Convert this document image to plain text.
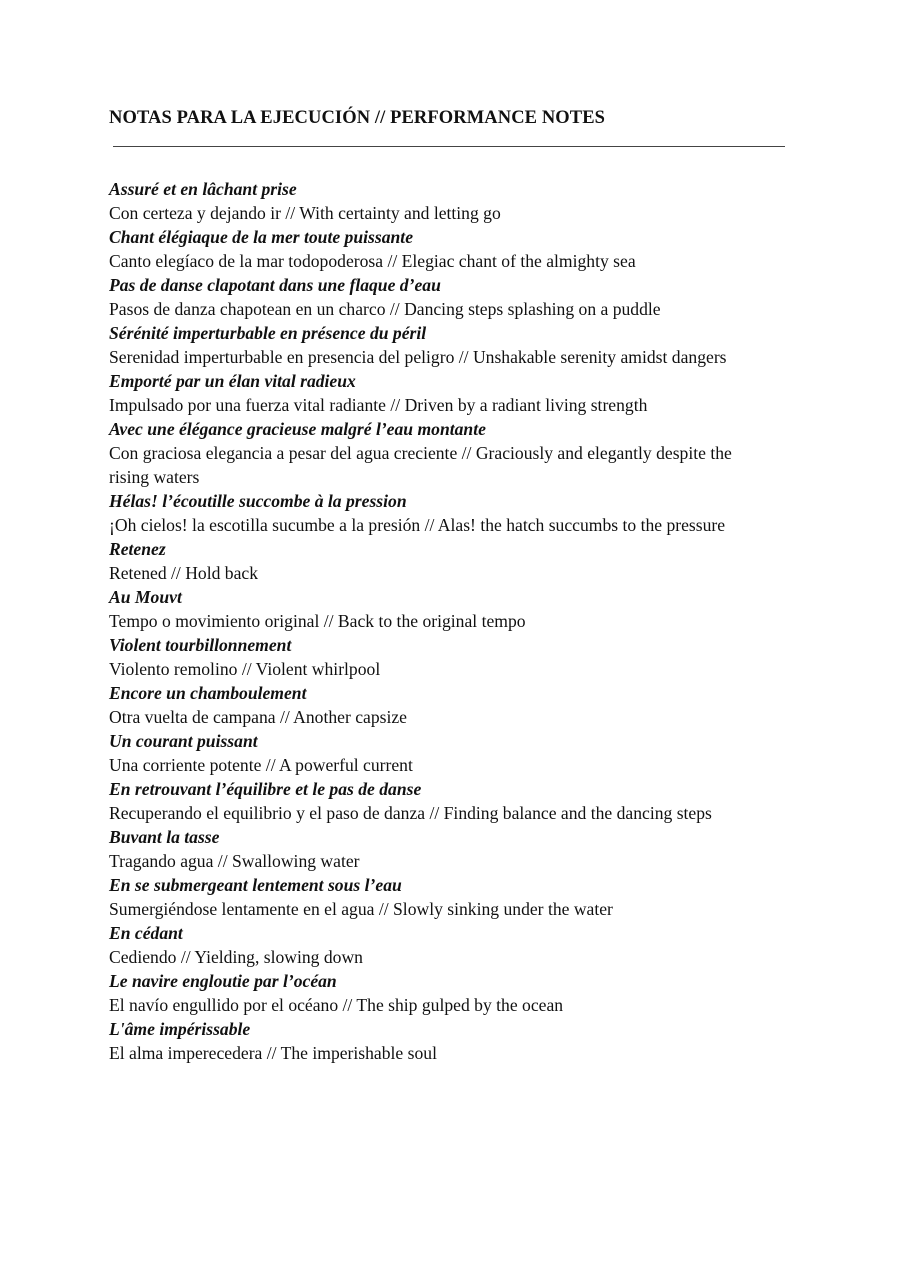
NOTAS PARA LA EJECUCIÓN // PERFORMANCE NOTES
Assuré et en lâchant prise
Con certeza y dejando ir // With certainty and letting go
Chant élégiaque de la mer toute puissante
Canto elegíaco de la mar todopoderosa // Elegiac chant of the almighty sea
Pas de danse clapotant dans une flaque d’eau
Pasos de danza chapotean en un charco // Dancing steps splashing on a puddle
Sérénité imperturbable en présence du péril
Serenidad imperturbable en presencia del peligro // Unshakable serenity amidst dangers
Emporté par un élan vital radieux
Impulsado por una fuerza vital radiante // Driven by a radiant living strength
Avec une élégance gracieuse malgré l’eau montante
Con graciosa elegancia a pesar del agua creciente // Graciously and elegantly despite the rising waters
Hélas! l’écoutille succombe à la pression
¡Oh cielos! la escotilla sucumbe a la presión // Alas! the hatch succumbs to the pressure
Retenez
Retened // Hold back
Au Mouvt
Tempo o movimiento original // Back to the original tempo
Violent tourbillonnement
Violento remolino // Violent whirlpool
Encore un chamboulement
Otra vuelta de campana // Another capsize
Un courant puissant
Una corriente potente // A powerful current
En retrouvant l’équilibre et le pas de danse
Recuperando el equilibrio y el paso de danza // Finding balance and the dancing steps
Buvant la tasse
Tragando agua // Swallowing water
En se submergeant lentement sous l’eau
Sumergiéndose lentamente en el agua // Slowly sinking under the water
En cédant
Cediendo // Yielding, slowing down
Le navire engloutie par l’océan
El navío engullido por el océano // The ship gulped by the ocean
L'âme impérissable
El alma imperecedera // The imperishable soul
